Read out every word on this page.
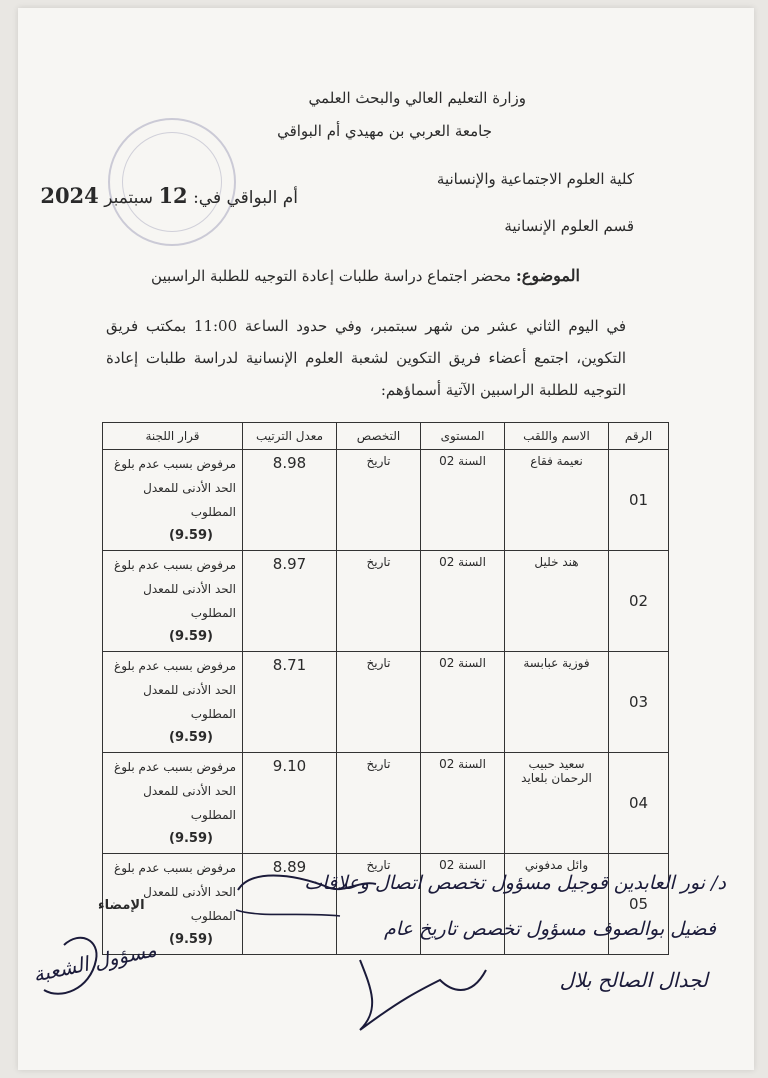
وزارة التعليم العالي والبحث العلمي
جامعة العربي بن مهيدي أم البواقي
كلية العلوم الاجتماعية والإنسانية
قسم العلوم الإنسانية
أم البواقي في: 12 سبتمبر 2024
الموضوع: محضر اجتماع دراسة طلبات إعادة التوجيه للطلبة الراسبين
في اليوم الثاني عشر من شهر سبتمبر، وفي حدود الساعة 11:00 بمكتب فريق التكوين، اجتمع أعضاء فريق التكوين لشعبة العلوم الإنسانية لدراسة طلبات إعادة التوجيه للطلبة الراسبين الآتية أسماؤهم:
الرقم	الاسم واللقب	المستوى	التخصص	معدل الترتيب	قرار اللجنة
01	نعيمة فقاع	السنة 02	تاريخ	8.98	مرفوض بسبب عدم بلوغ الحد الأدنى للمعدل المطلوب
(9.59)

02	هند خليل	السنة 02	تاريخ	8.97	مرفوض بسبب عدم بلوغ الحد الأدنى للمعدل المطلوب
(9.59)

03	فوزية عبابسة	السنة 02	تاريخ	8.71	مرفوض بسبب عدم بلوغ الحد الأدنى للمعدل المطلوب
(9.59)

04	سعيد حبيب الرحمان بلعايد	السنة 02	تاريخ	9.10	مرفوض بسبب عدم بلوغ الحد الأدنى للمعدل المطلوب
(9.59)

05	وائل مدفوني	السنة 02	تاريخ	8.89	مرفوض بسبب عدم بلوغ الحد الأدنى للمعدل المطلوب
(9.59)
الإمضاء
د/ نور العابدين قوجيل مسؤول تخصص اتصال وعلاقات
فضيل بوالصوف مسؤول تخصص تاريخ عام
لجدال الصالح بلال
مسؤول الشعبة
